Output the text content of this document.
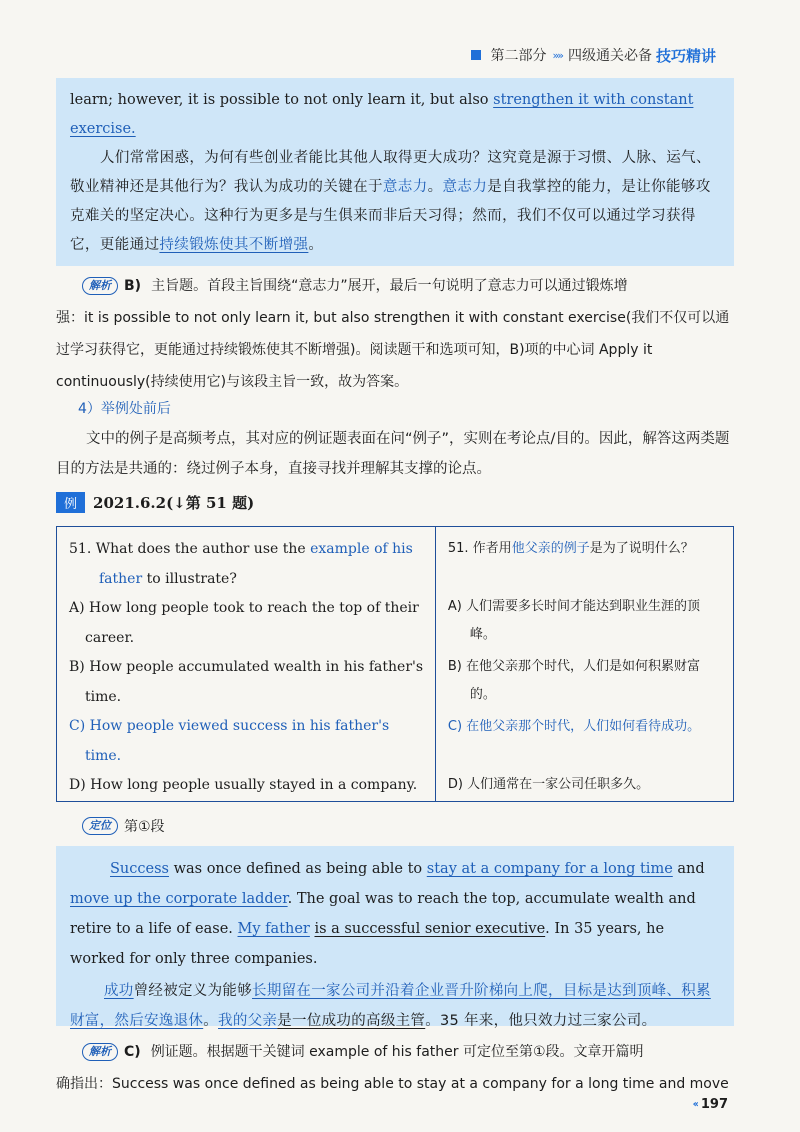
第二部分 »» 四级通关必备 技巧精讲

learn; however, it is possible to not only learn it, but also strengthen it with constant exercise.

人们常常困惑，为何有些创业者能比其他人取得更大成功？这究竟是源于习惯、人脉、运气、敬业精神还是其他行为？我认为成功的关键在于意志力。意志力是自我掌控的能力，是让你能够攻克难关的坚定决心。这种行为更多是与生俱来而非后天习得；然而，我们不仅可以通过学习获得它，更能通过持续锻炼使其不断增强。

解析 B) 主旨题。首段主旨围绕“意志力”展开，最后一句说明了意志力可以通过锻炼增
强：it is possible to not only learn it, but also strengthen it with constant exercise(我们不仅可以通过学习获得它，更能通过持续锻炼使其不断增强)。阅读题干和选项可知，B)项的中心词 Apply it continuously(持续使用它)与该段主旨一致，故为答案。
4）举例处前后
文中的例子是高频考点，其对应的例证题表面在问“例子”，实则在考论点/目的。因此，解答这两类题目的方法是共通的：绕过例子本身，直接寻找并理解其支撑的论点。
例	2021.6.2(↓第 51 题)
51. What does the author use the example of his father to illustrate?
A) How long people took to reach the top of their career.
B) How people accumulated wealth in his father's time.
C) How people viewed success in his father's time.
D) How long people usually stayed in a company.
51. 作者用他父亲的例子是为了说明什么？
A) 人们需要多长时间才能达到职业生涯的顶峰。
B) 在他父亲那个时代，人们是如何积累财富的。
C) 在他父亲那个时代，人们如何看待成功。
D) 人们通常在一家公司任职多久。
定位 第①段

Success was once defined as being able to stay at a company for a long time and move up the corporate ladder. The goal was to reach the top, accumulate wealth and retire to a life of ease. My father is a successful senior executive. In 35 years, he worked for only three companies.

成功曾经被定义为能够长期留在一家公司并沿着企业晋升阶梯向上爬，目标是达到顶峰、积累财富，然后安逸退休。我的父亲是一位成功的高级主管。35 年来，他只效力过三家公司。

解析 C) 例证题。根据题干关键词 example of his father 可定位至第①段。文章开篇明
确指出：Success was once defined as being able to stay at a company for a long time and move
‹‹ 197
